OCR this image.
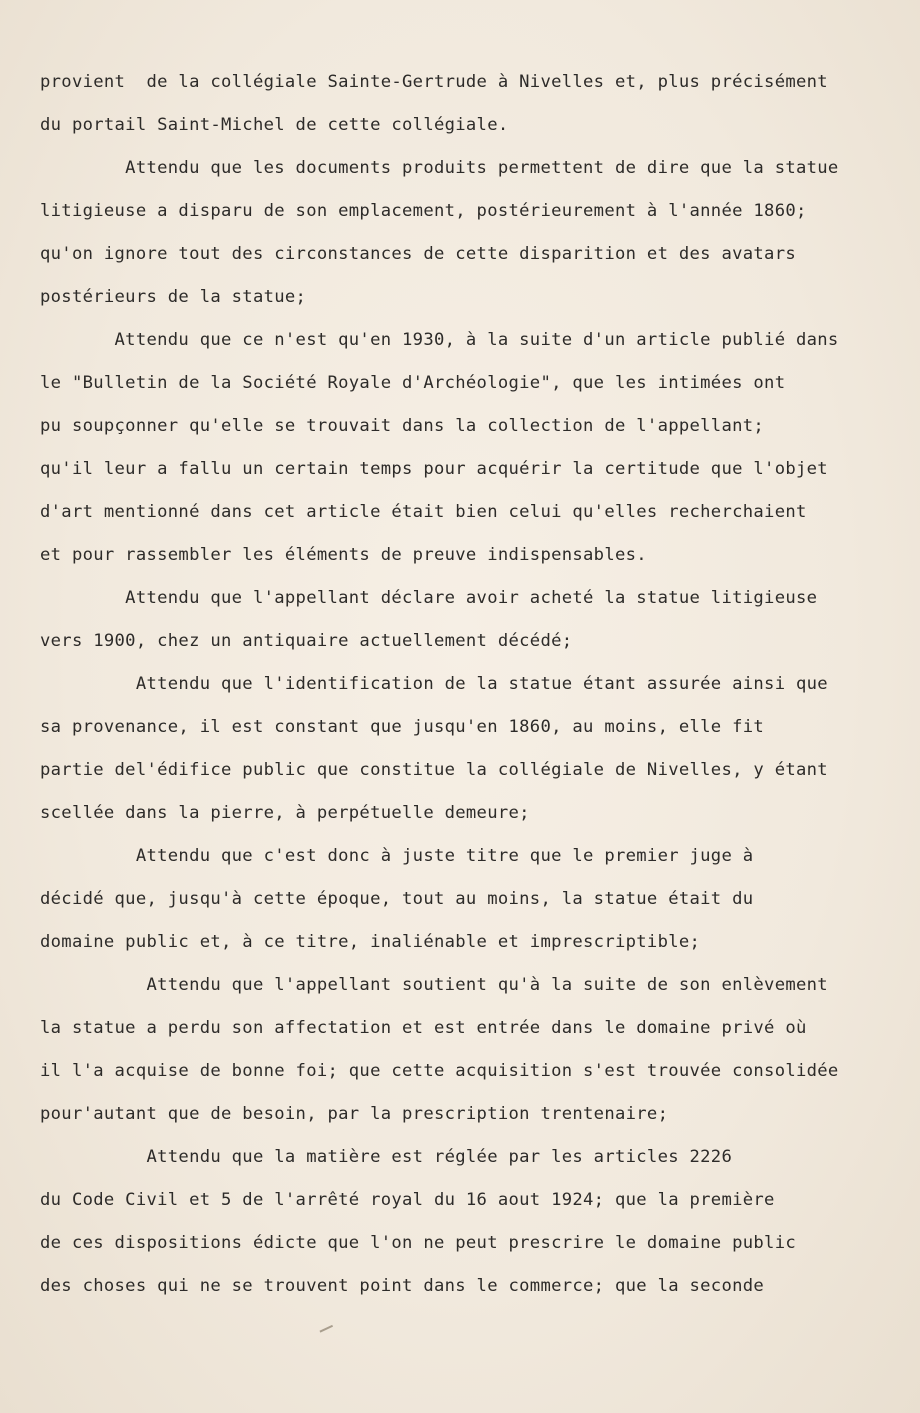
provient  de la collégiale Sainte-Gertrude à Nivelles et, plus précisément
du portail Saint-Michel de cette collégiale.
Attendu que les documents produits permettent de dire que la statue
litigieuse a disparu de son emplacement, postérieurement à l'année 1860;
qu'on ignore tout des circonstances de cette disparition et des avatars
postérieurs de la statue;
Attendu que ce n'est qu'en 1930, à la suite d'un article publié dans
le "Bulletin de la Société Royale d'Archéologie", que les intimées ont
pu soupçonner qu'elle se trouvait dans la collection de l'appellant;
qu'il leur a fallu un certain temps pour acquérir la certitude que l'objet
d'art mentionné dans cet article était bien celui qu'elles recherchaient
et pour rassembler les éléments de preuve indispensables.
Attendu que l'appellant déclare avoir acheté la statue litigieuse
vers 1900, chez un antiquaire actuellement décédé;
Attendu que l'identification de la statue étant assurée ainsi que
sa provenance, il est constant que jusqu'en 1860, au moins, elle fit
partie del'édifice public que constitue la collégiale de Nivelles, y étant
scellée dans la pierre, à perpétuelle demeure;
Attendu que c'est donc à juste titre que le premier juge à
décidé que, jusqu'à cette époque, tout au moins, la statue était du
domaine public et, à ce titre, inaliénable et imprescriptible;
Attendu que l'appellant soutient qu'à la suite de son enlèvement
la statue a perdu son affectation et est entrée dans le domaine privé où
il l'a acquise de bonne foi; que cette acquisition s'est trouvée consolidée
pour'autant que de besoin, par la prescription trentenaire;
Attendu que la matière est réglée par les articles 2226
du Code Civil et 5 de l'arrêté royal du 16 aout 1924; que la première
de ces dispositions édicte que l'on ne peut prescrire le domaine public
des choses qui ne se trouvent point dans le commerce; que la seconde
